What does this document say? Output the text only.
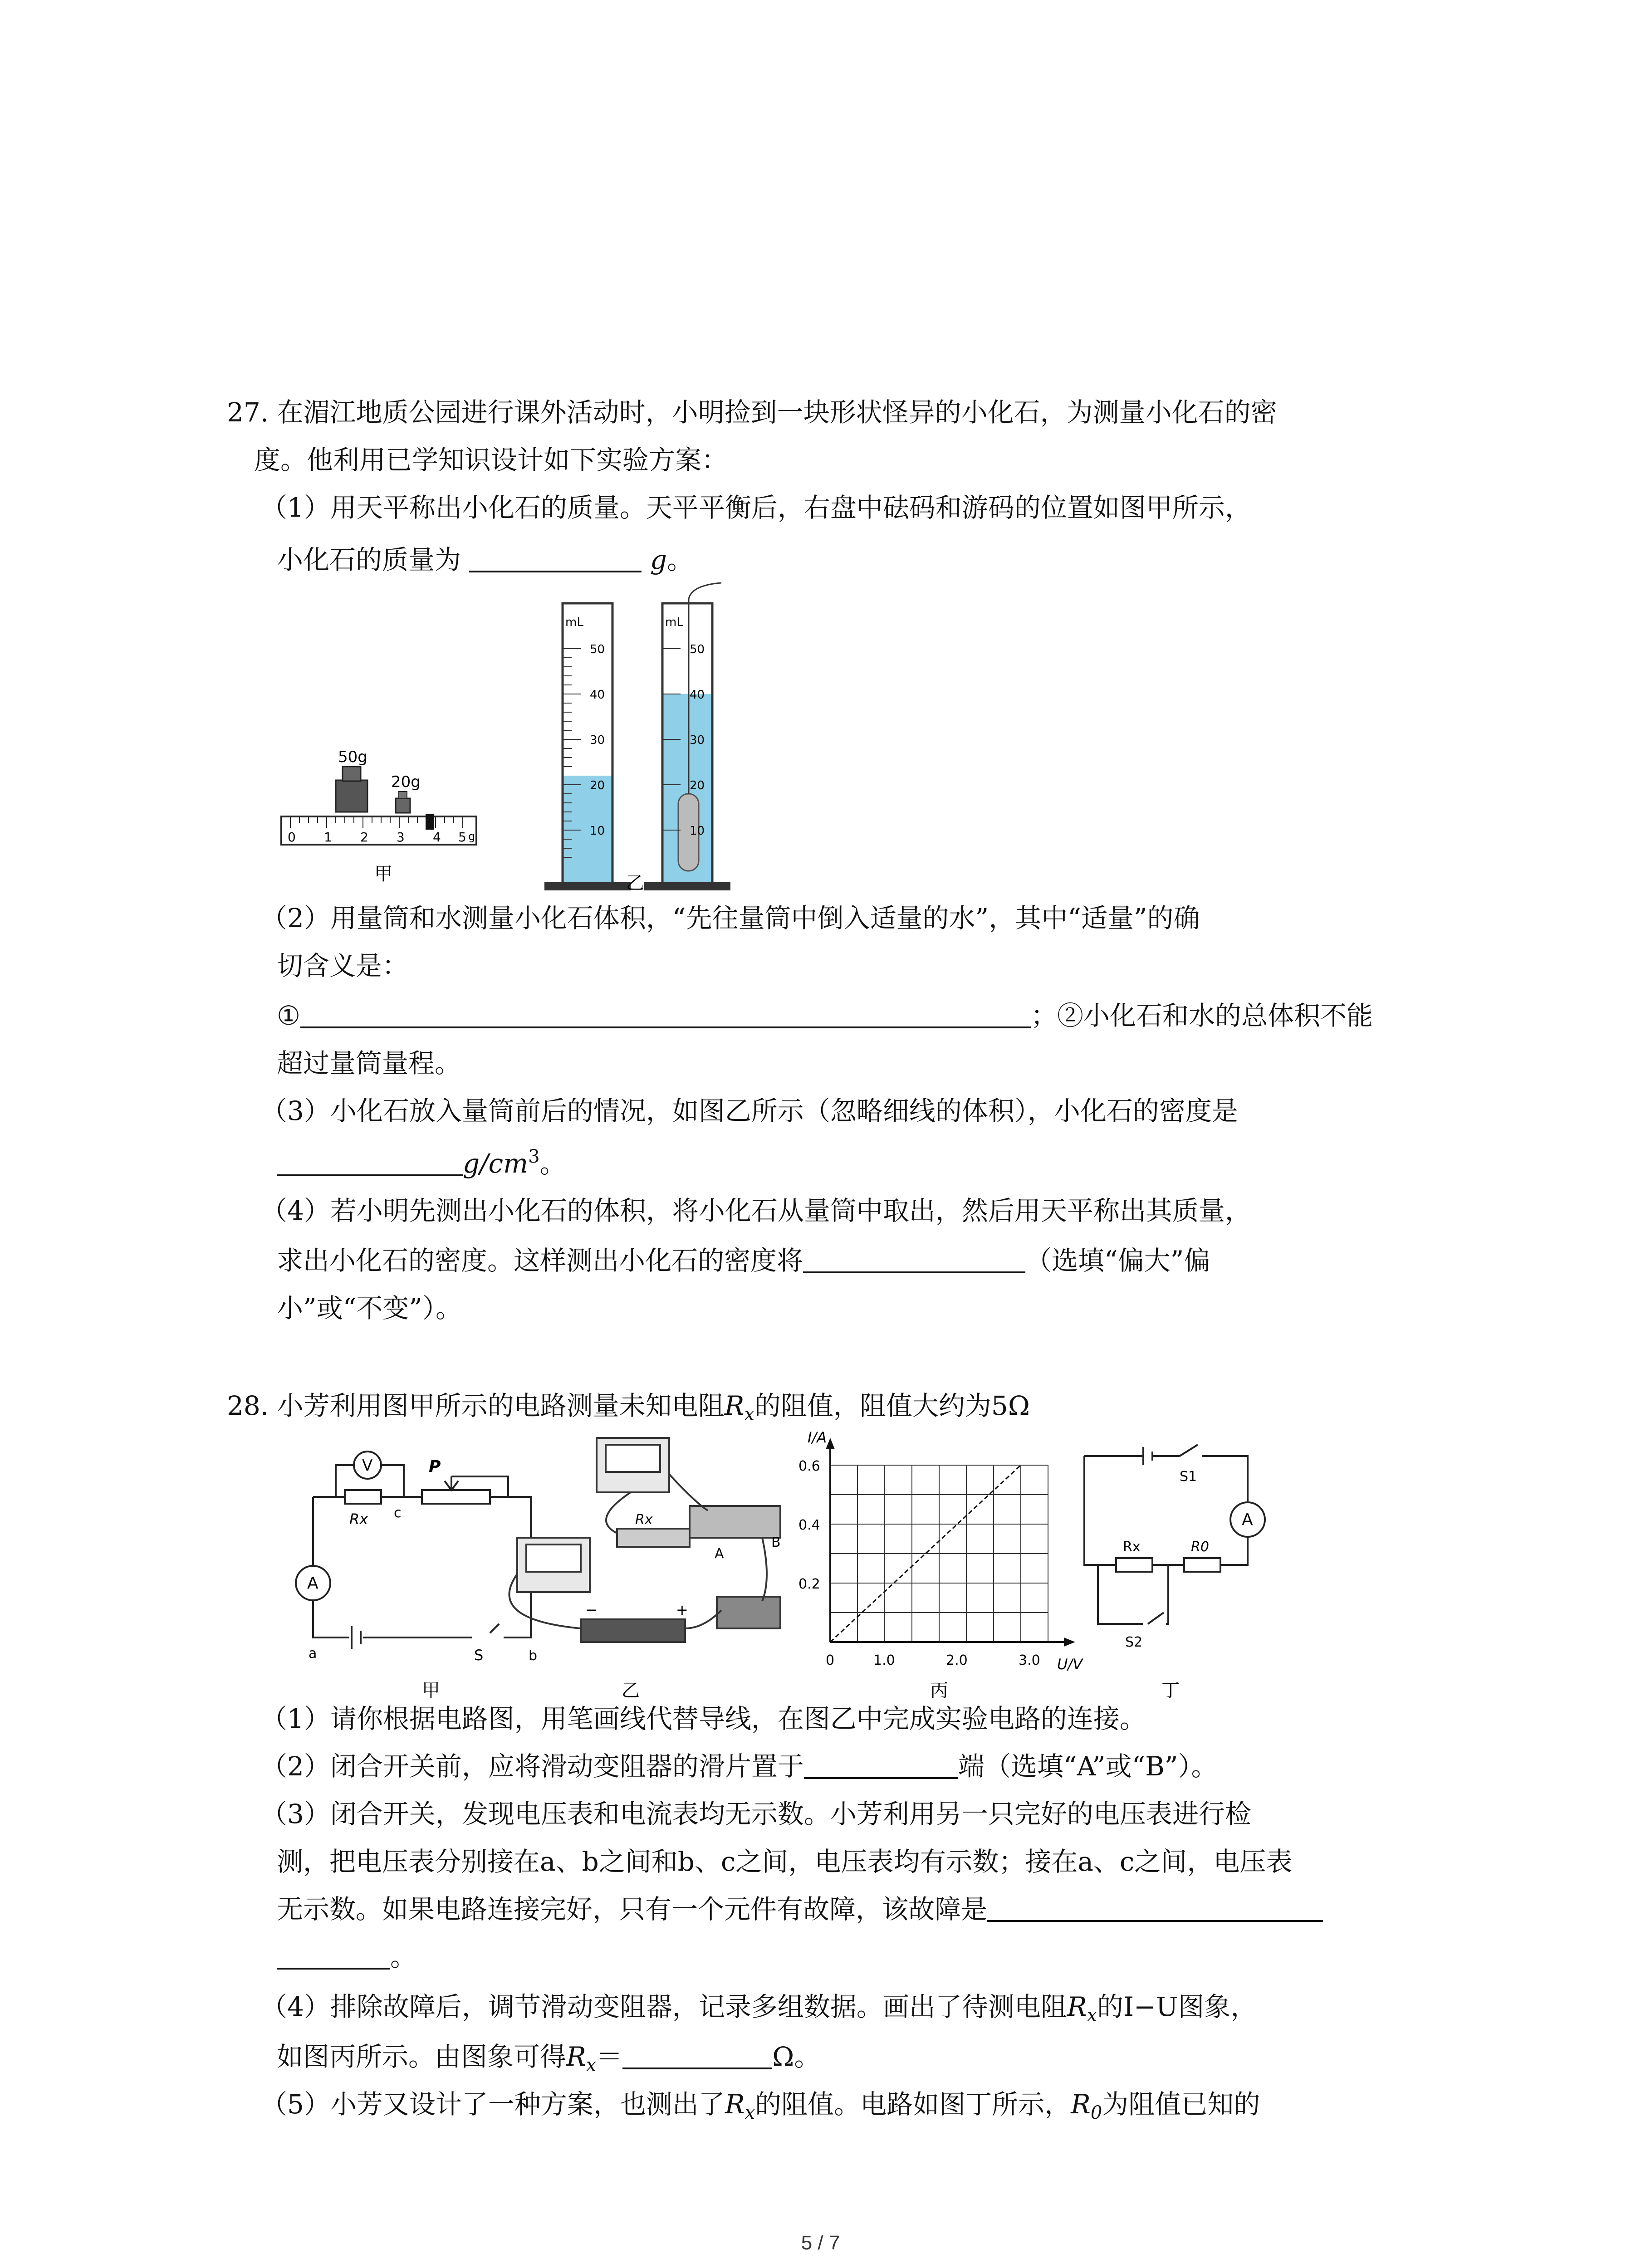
27. 在湄江地质公园进行课外活动时，小明捡到一块形状怪异的小化石，为测量小化石的密
度。他利用已学知识设计如下实验方案：
（1）用天平称出小化石的质量。天平平衡后，右盘中砝码和游码的位置如图甲所示，
小化石的质量为	g。
50g
20g
0 1 2 3 4 5 g
甲
mL
50
40
30
20
10
mL
50
40
30
20
10
乙
（2）用量筒和水测量小化石体积，“先往量筒中倒入适量的水”，其中“适量”的确
切含义是：
①	；②小化石和水的总体积不能
超过量筒量程。
（3）小化石放入量筒前后的情况，如图乙所示（忽略细线的体积），小化石的密度是
$g/cm^3$。
（4）若小明先测出小化石的体积，将小化石从量筒中取出，然后用天平称出其质量，
求出小化石的密度。这样测出小化石的密度将	（选填“偏大”偏
小”或“不变”）。
28. 小芳利用图甲所示的电路测量未知电阻$R_x$的阻值，阻值大约为5Ω
V
A
Rx
P
c
a	S	b
甲
Rx
A
B
−	+
乙
I/A
U/V
0.6
0.4
0.2
0	1.0	2.0	3.0
丙
S1
A
Rx	R0
S2
丁
（1）请你根据电路图，用笔画线代替导线，在图乙中完成实验电路的连接。
（2）闭合开关前，应将滑动变阻器的滑片置于	端（选填“A”或“B”）。
（3）闭合开关，发现电压表和电流表均无示数。小芳利用另一只完好的电压表进行检
测，把电压表分别接在a、b之间和b、c之间，电压表均有示数；接在a、c之间，电压表
无示数。如果电路连接完好，只有一个元件有故障，该故障是
。
（4）排除故障后，调节滑动变阻器，记录多组数据。画出了待测电阻$R_x$的I−U图象，
如图丙所示。由图象可得$R_x=$	Ω。
（5）小芳又设计了一种方案，也测出了$R_x$的阻值。电路如图丁所示，$R_0$为阻值已知的
5 / 7
